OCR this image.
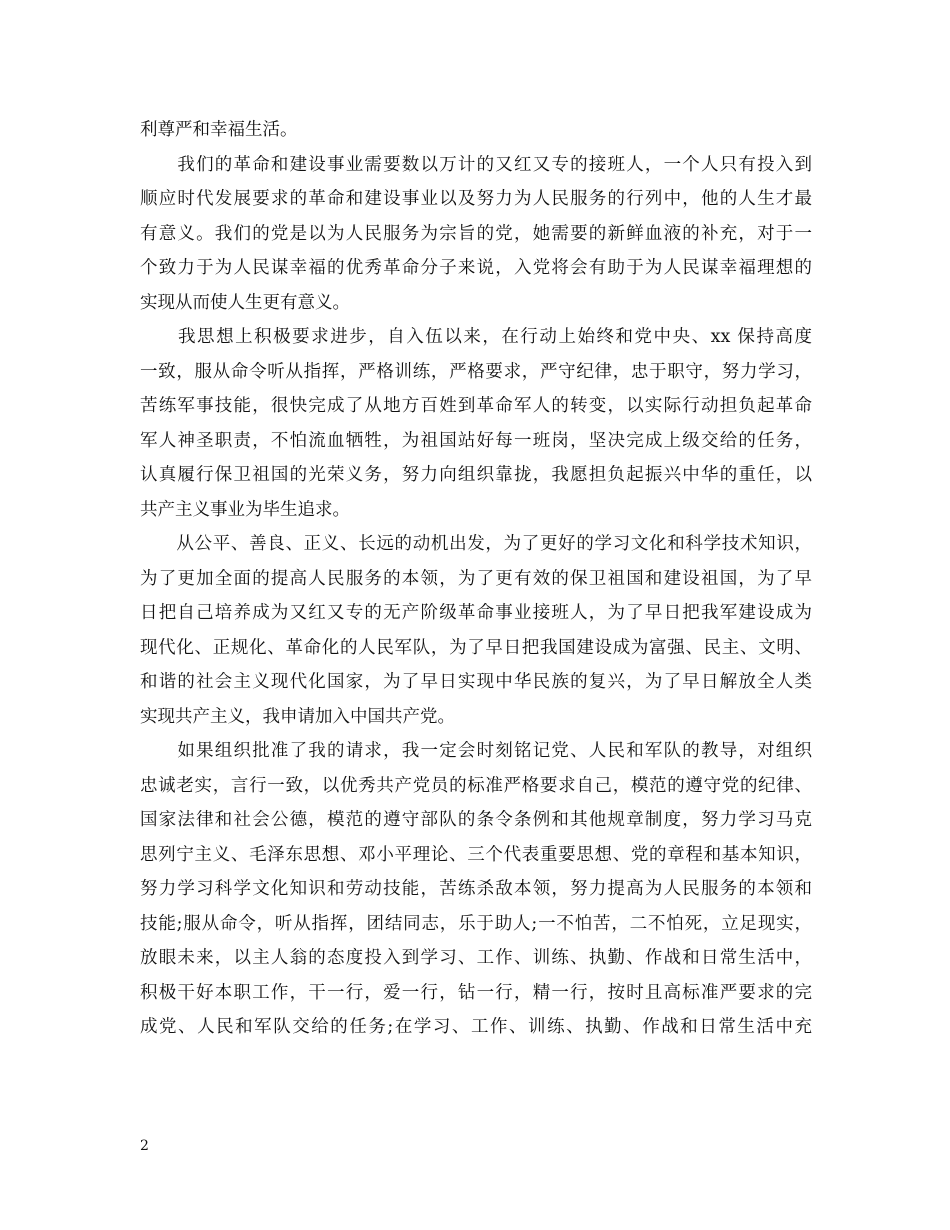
利尊严和幸福生活。
　　我们的革命和建设事业需要数以万计的又红又专的接班人，一个人只有投入到
顺应时代发展要求的革命和建设事业以及努力为人民服务的行列中，他的人生才最
有意义。我们的党是以为人民服务为宗旨的党，她需要的新鲜血液的补充，对于一
个致力于为人民谋幸福的优秀革命分子来说，入党将会有助于为人民谋幸福理想的
实现从而使人生更有意义。
　　我思想上积极要求进步，自入伍以来，在行动上始终和党中央、xx 保持高度
一致，服从命令听从指挥，严格训练，严格要求，严守纪律，忠于职守，努力学习，
苦练军事技能，很快完成了从地方百姓到革命军人的转变，以实际行动担负起革命
军人神圣职责，不怕流血牺牲，为祖国站好每一班岗，坚决完成上级交给的任务，
认真履行保卫祖国的光荣义务，努力向组织靠拢，我愿担负起振兴中华的重任，以
共产主义事业为毕生追求。
　　从公平、善良、正义、长远的动机出发，为了更好的学习文化和科学技术知识，
为了更加全面的提高人民服务的本领，为了更有效的保卫祖国和建设祖国，为了早
日把自己培养成为又红又专的无产阶级革命事业接班人，为了早日把我军建设成为
现代化、正规化、革命化的人民军队，为了早日把我国建设成为富强、民主、文明、
和谐的社会主义现代化国家，为了早日实现中华民族的复兴，为了早日解放全人类
实现共产主义，我申请加入中国共产党。
　　如果组织批准了我的请求，我一定会时刻铭记党、人民和军队的教导，对组织
忠诚老实，言行一致，以优秀共产党员的标准严格要求自己，模范的遵守党的纪律、
国家法律和社会公德，模范的遵守部队的条令条例和其他规章制度，努力学习马克
思列宁主义、毛泽东思想、邓小平理论、三个代表重要思想、党的章程和基本知识，
努力学习科学文化知识和劳动技能，苦练杀敌本领，努力提高为人民服务的本领和
技能;服从命令，听从指挥，团结同志，乐于助人;一不怕苦，二不怕死，立足现实，
放眼未来，以主人翁的态度投入到学习、工作、训练、执勤、作战和日常生活中，
积极干好本职工作，干一行，爱一行，钻一行，精一行，按时且高标准严要求的完
成党、人民和军队交给的任务;在学习、工作、训练、执勤、作战和日常生活中充
2
